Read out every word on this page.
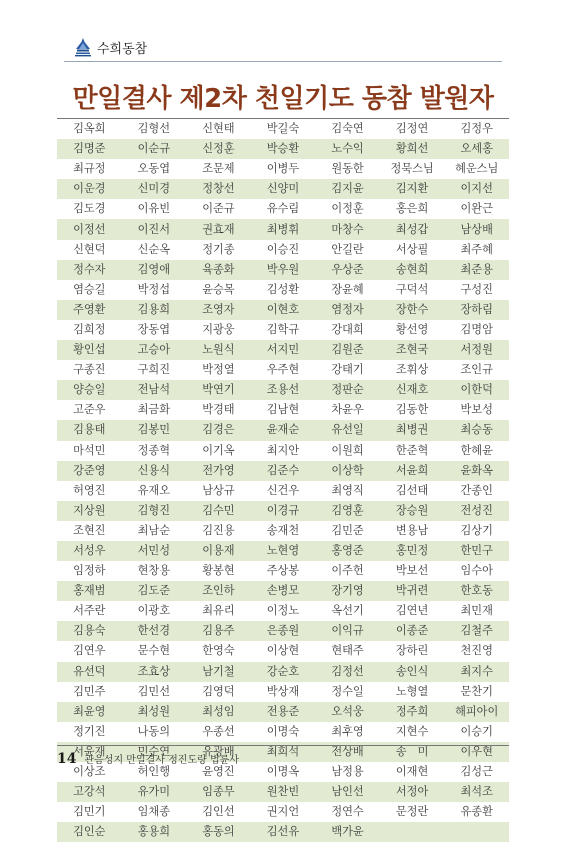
수희동참
만일결사 제2차 천일기도 동참 발원자
김옥희	김형선	신현태	박길숙	김숙연	김정연	김정우
김명준	이순규	신정훈	박승환	노수익	황희선	오세홍
최규정	오동엽	조문제	이병두	원동한	정묵스님	혜운스님
이운경	신미경	정창선	신양미	김지윤	김지환	이지선
김도경	이유빈	이준규	유수림	이정훈	홍은희	이완근
이정선	이진서	권효재	최병휘	마창수	최성갑	남상배
신현덕	신순옥	정기종	이승진	안길란	서상필	최주혜
정수자	김영애	육종화	박우원	우상준	송현희	최준용
염승길	박정섭	윤승목	김성환	장윤혜	구덕석	구성진
주영환	김용희	조영자	이현호	염정자	장한수	장하림
김희정	장동엽	지광웅	김학규	강대희	황선영	김명암
황인섭	고승아	노원식	서지민	김원준	조현국	서정원
구종진	구희진	박정열	우주현	강태기	조휘상	조인규
양승일	전남석	박연기	조용선	정판순	신재호	이한덕
고준우	최금화	박경태	김남현	차윤우	김동한	박보성
김용태	김봉민	김경은	윤재순	유선일	최병권	최승동
마석민	정종혁	이기옥	최지안	이원희	한준혁	한혜윤
강준영	신용식	전가영	김준수	이상학	서윤희	윤화옥
허영진	유재오	남상규	신건우	최영직	김선태	간종인
지상원	김형진	김수민	이경규	김영훈	장승원	전성진
조현진	최남순	김진용	송재천	김민준	변용남	김상기
서성우	서민성	이용재	노현영	홍영준	홍민정	한민구
임정하	현창용	황봉현	주상봉	이주헌	박보선	임수아
홍재범	김도준	조인하	손병모	장기영	박귀련	한호동
서주란	이광호	최유리	이정노	옥선기	김연년	최민재
김용숙	한선경	김용주	은종원	이익규	이종준	김철주
김연우	문수현	한영숙	이상현	현태주	장하린	천진영
유선덕	조효상	남기철	강순호	김정선	송인식	최지수
김민주	김민선	김영덕	박상재	정수일	노형열	문찬기
최윤영	최성원	최성임	전용준	오석웅	정주희	해피아이
정기진	나동의	우종선	이명숙	최후영	지현수	이승기
서윤재	민순연	유광배	최희석	전상배	송　미	이우현
이상조	허인행	윤영진	이명옥	남정용	이재현	김성근
고강석	유가미	임종무	원찬빈	남인선	서정아	최석조
김민기	임채종	김인선	권지언	정연수	문정란	유종환
김인순	홍용희	홍동의	김선유	백가윤		
14 관음성지 만일결사 정진도량 법륜사
